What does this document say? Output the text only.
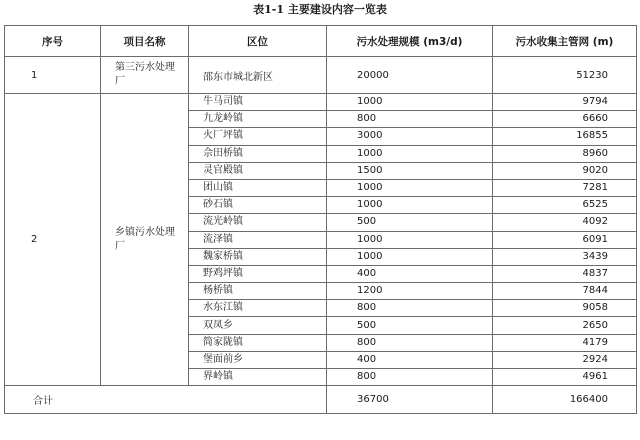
表1-1 主要建设内容一览表
序号	项目名称	区位	污水处理规模 (m3/d)	污水收集主管网 (m)
1	第三污水处理厂	邵东市城北新区	20000	51230
2	乡镇污水处理厂	牛马司镇	1000	9794
		九龙岭镇	800	6660
		火厂坪镇	3000	16855
		佘田桥镇	1000	8960
		灵官殿镇	1500	9020
		团山镇	1000	7281
		砂石镇	1000	6525
		流光岭镇	500	4092
		流泽镇	1000	6091
		魏家桥镇	1000	3439
		野鸡坪镇	400	4837
		杨桥镇	1200	7844
		水东江镇	800	9058
		双凤乡	500	2650
		简家陇镇	800	4179
		堡面前乡	400	2924
		界岭镇	800	4961
合计			36700	166400
